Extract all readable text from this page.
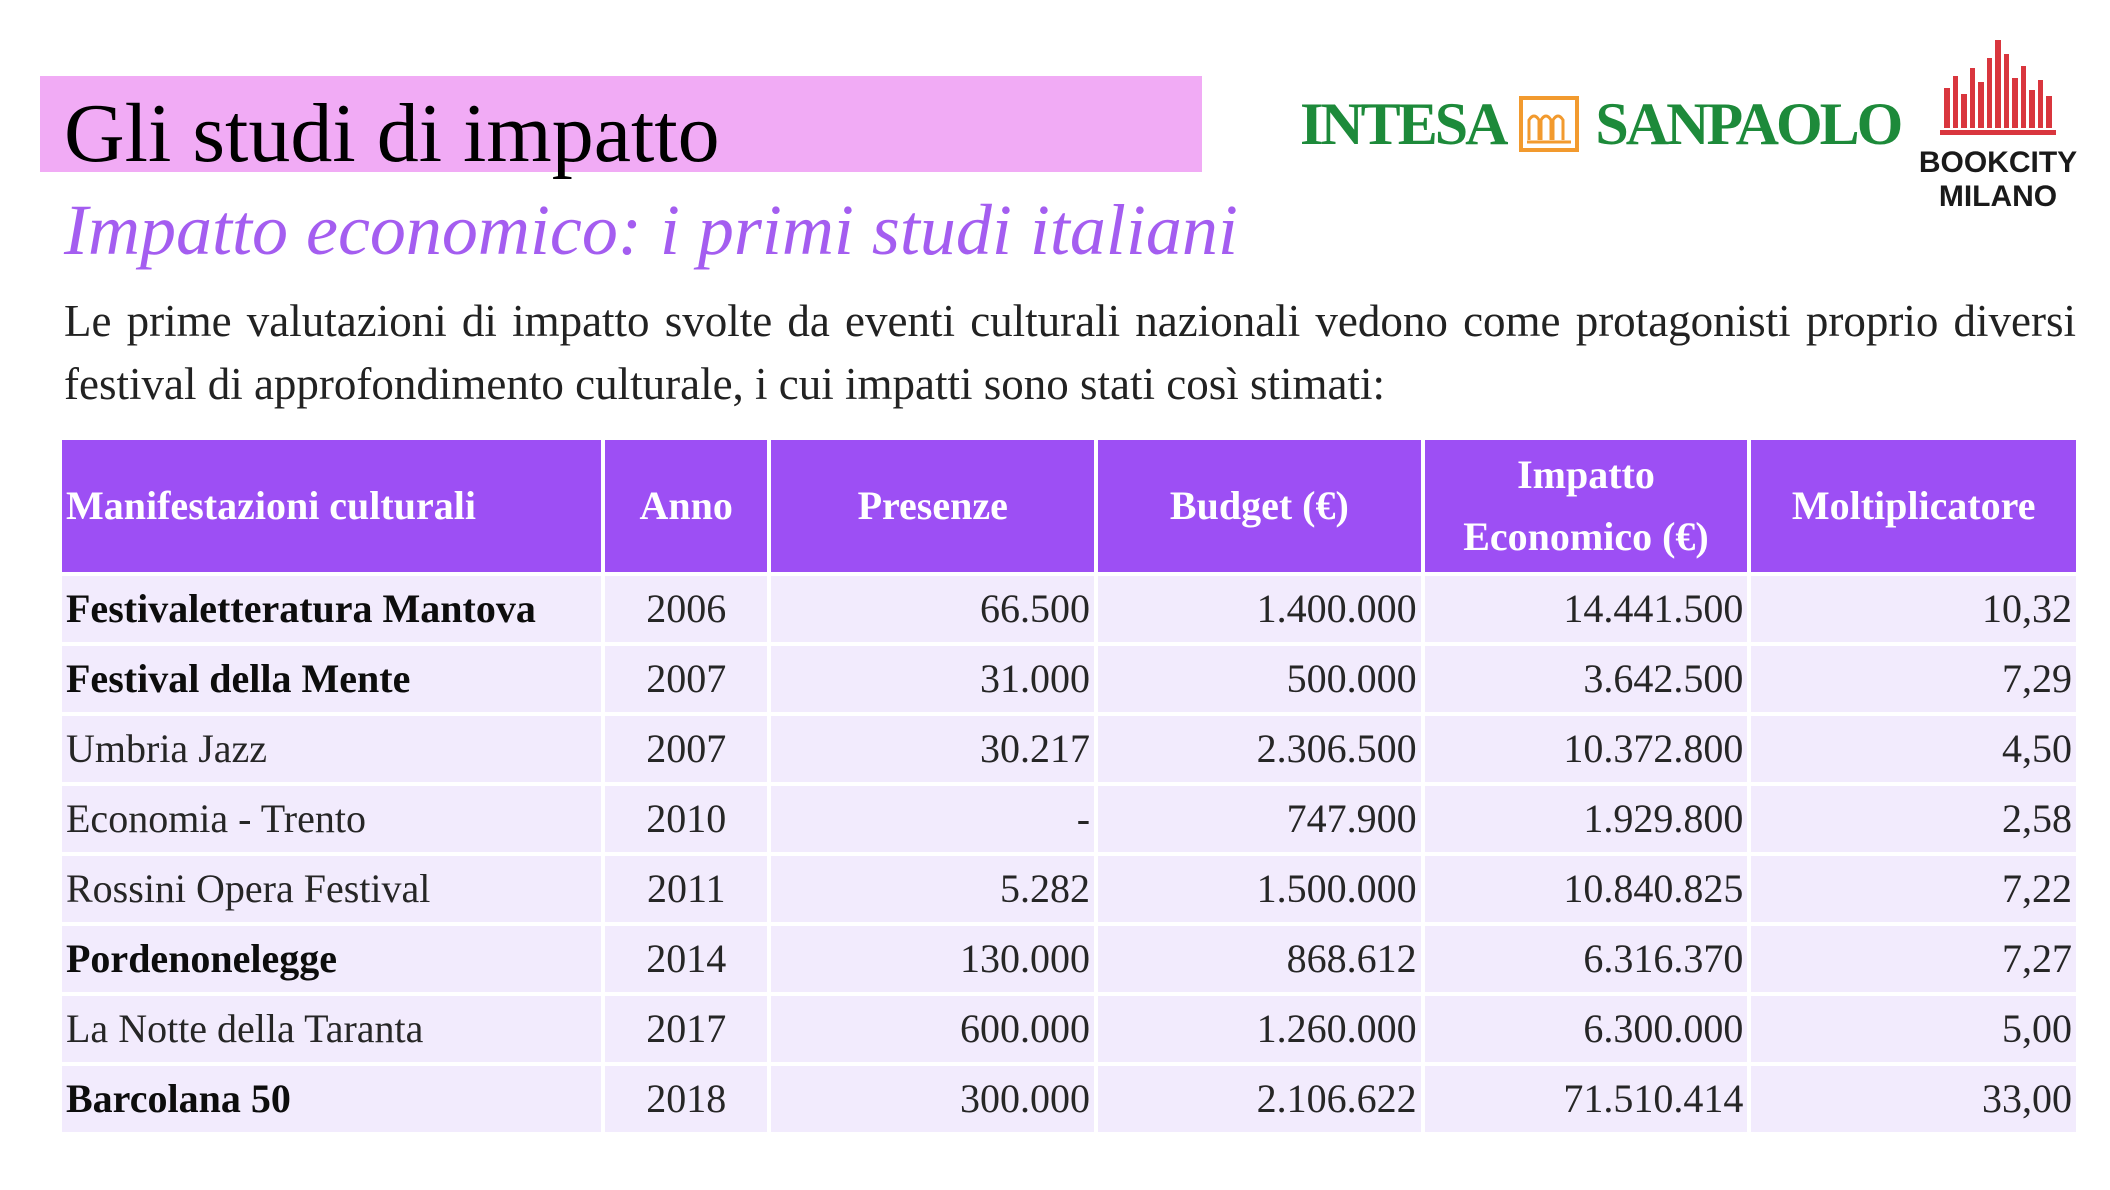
Gli studi di impatto
Impatto economico: i primi studi italiani
Le prime valutazioni di impatto svolte da eventi culturali nazionali vedono come protagonisti proprio diversi festival di approfondimento culturale, i cui impatti sono stati così stimati:
INTESA SANPAOLO
BOOKCITY
MILANO
Manifestazioni culturali	Anno	Presenze	Budget (€)	Impatto Economico (€)	Moltiplicatore
Festivaletteratura Mantova	2006	66.500	1.400.000	14.441.500	10,32
Festival della Mente	2007	31.000	500.000	3.642.500	7,29
Umbria Jazz	2007	30.217	2.306.500	10.372.800	4,50
Economia - Trento	2010	-	747.900	1.929.800	2,58
Rossini Opera Festival	2011	5.282	1.500.000	10.840.825	7,22
Pordenonelegge	2014	130.000	868.612	6.316.370	7,27
La Notte della Taranta	2017	600.000	1.260.000	6.300.000	5,00
Barcolana 50	2018	300.000	2.106.622	71.510.414	33,00
